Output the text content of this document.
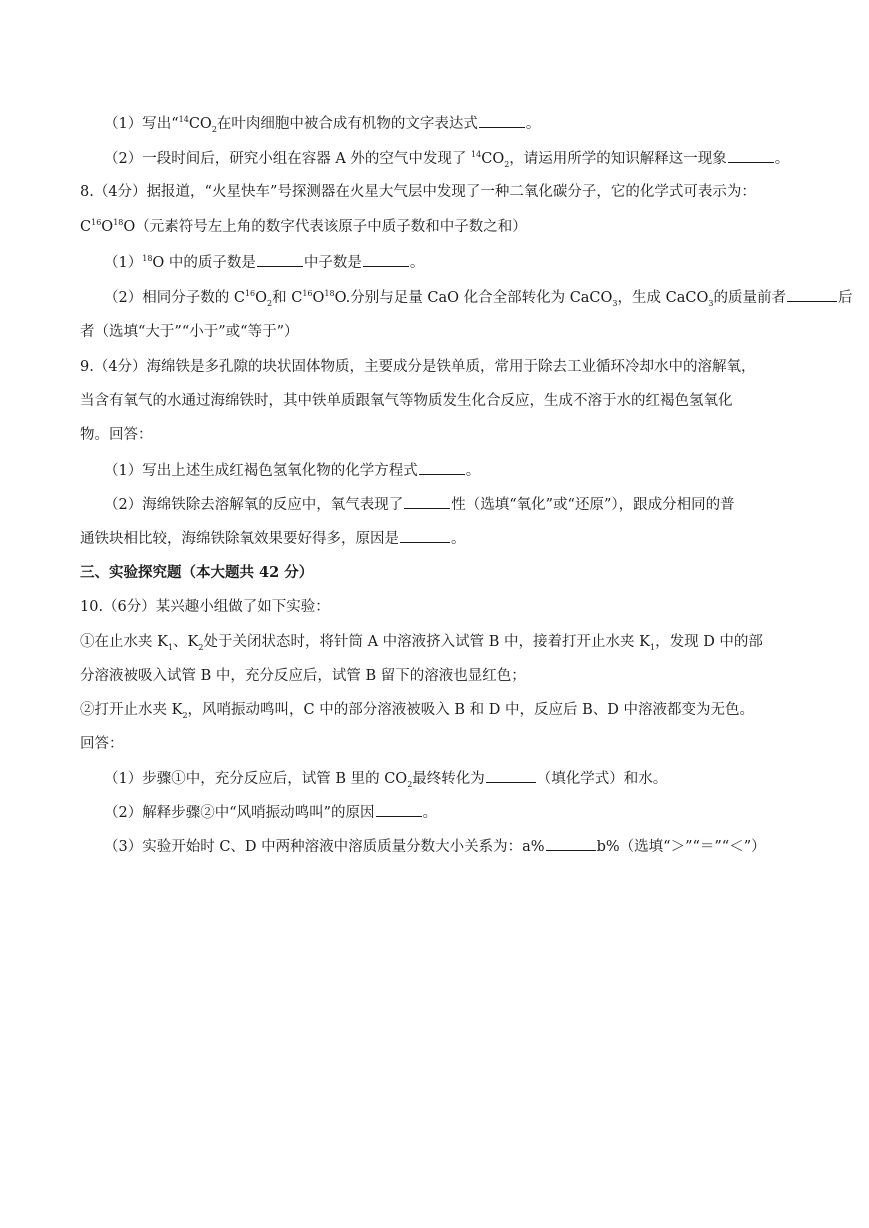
（1）写出“$^{14}CO_2$在叶肉细胞中被合成有机物的文字表达式	。
（2）一段时间后，研究小组在容器 A 外的空气中发现了 $^{14}CO_2$，请运用所学的知识解释这一现象	。
8.（4分）据报道，“火星快车”号探测器在火星大气层中发现了一种二氧化碳分子，它的化学式可表示为：
$C^{16}O^{18}O$（元素符号左上角的数字代表该原子中质子数和中子数之和）
$(1)^{18}O$ 中的质子数是	中子数是	。
（2）相同分子数的 $C^{16}O_2$和 $C^{16}O^{18}O$.分别与足量 CaO 化合全部转化为 CaCO$_3$，生成 CaCO$_3$的质量前者	后
者（选填“大于”“小于”或“等于”）
9.（4分）海绵铁是多孔隙的块状固体物质，主要成分是铁单质，常用于除去工业循环冷却水中的溶解氧，
当含有氧气的水通过海绵铁时，其中铁单质跟氧气等物质发生化合反应，生成不溶于水的红褐色氢氧化
物。回答：
（1）写出上述生成红褐色氢氧化物的化学方程式	。
（2）海绵铁除去溶解氧的反应中，氧气表现了	性（选填“氧化”或“还原”），跟成分相同的普
通铁块相比较，海绵铁除氧效果要好得多，原因是	。
三、实验探究题（本大题共 42 分）
10.（6分）某兴趣小组做了如下实验：
①在止水夹 $K_1$、$K_2$处于关闭状态时，将针筒 A 中溶液挤入试管 B 中，接着打开止水夹 $K_1$，发现 D 中的部
分溶液被吸入试管 B 中，充分反应后，试管 B 留下的溶液也显红色；
②打开止水夹 $K_2$，风哨振动鸣叫，C 中的部分溶液被吸入 B 和 D 中，反应后 B、D 中溶液都变为无色。
回答：
（1）步骤①中，充分反应后，试管 B 里的 $CO_2$最终转化为	（填化学式）和水。
（2）解释步骤②中“风哨振动鸣叫”的原因	。
（3）实验开始时 C、D 中两种溶液中溶质质量分数大小关系为：a%	b%（选填“＞”“＝”“＜”）
